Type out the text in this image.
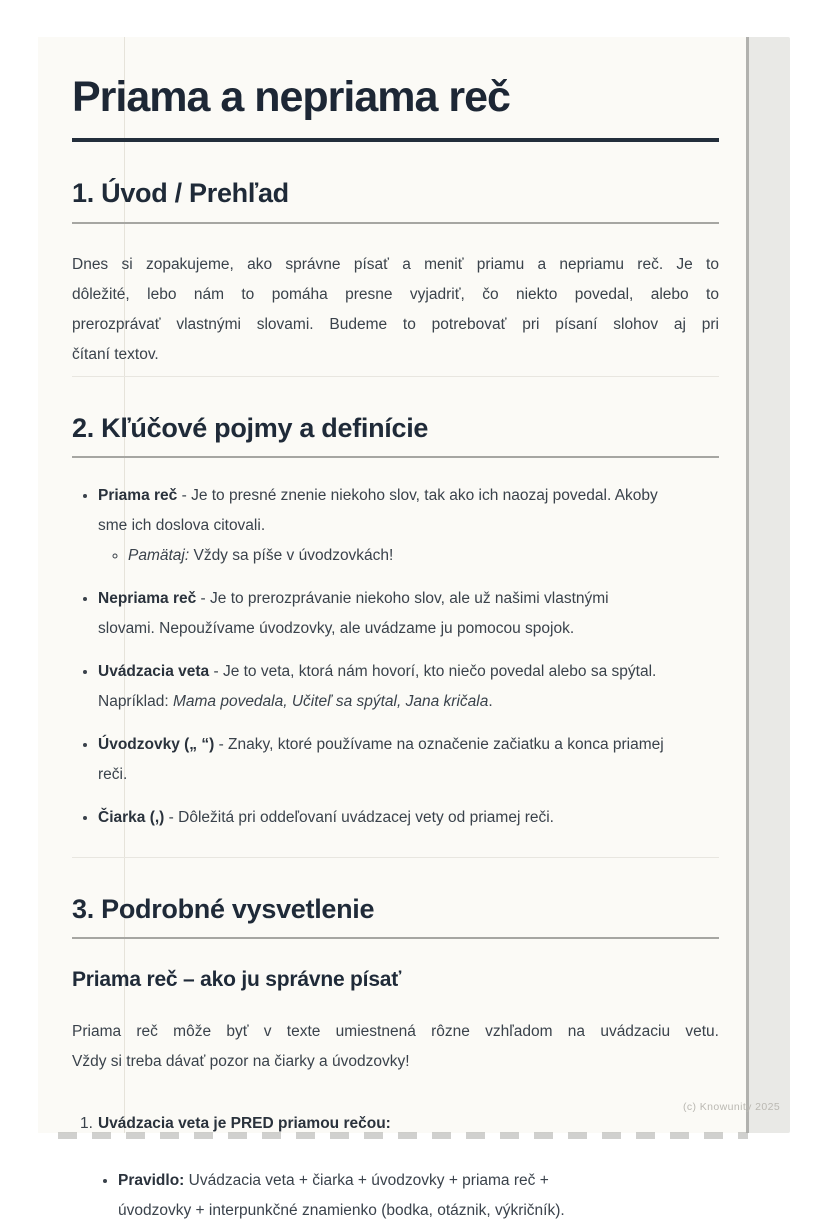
Priama a nepriama reč
1. Úvod / Prehľad
Dnes si zopakujeme, ako správne písať a meniť priamu a nepriamu reč. Je to
dôležité, lebo nám to pomáha presne vyjadriť, čo niekto povedal, alebo to
prerozprávať vlastnými slovami. Budeme to potrebovať pri písaní slohov aj pri
čítaní textov.
2. Kľúčové pojmy a definície
• Priama reč - Je to presné znenie niekoho slov, tak ako ich naozaj povedal. Akoby sme ich doslova citovali.
◦ Pamätaj: Vždy sa píše v úvodzovkách!
• Nepriama reč - Je to prerozprávanie niekoho slov, ale už našimi vlastnými slovami. Nepoužívame úvodzovky, ale uvádzame ju pomocou spojok.
• Uvádzacia veta - Je to veta, ktorá nám hovorí, kto niečo povedal alebo sa spýtal. Napríklad: Mama povedala, Učiteľ sa spýtal, Jana kričala.
• Úvodzovky („ “) - Znaky, ktoré používame na označenie začiatku a konca priamej reči.
• Čiarka (,) - Dôležitá pri oddeľovaní uvádzacej vety od priamej reči.
3. Podrobné vysvetlenie
Priama reč – ako ju správne písať
Priama reč môže byť v texte umiestnená rôzne vzhľadom na uvádzaciu vetu.
Vždy si treba dávať pozor na čiarky a úvodzovky!
1. Uvádzacia veta je PRED priamou rečou:
• Pravidlo: Uvádzacia veta + čiarka + úvodzovky + priama reč + úvodzovky + interpunkčné znamienko (bodka, otáznik, výkričník).
(c) Knowunity 2025
